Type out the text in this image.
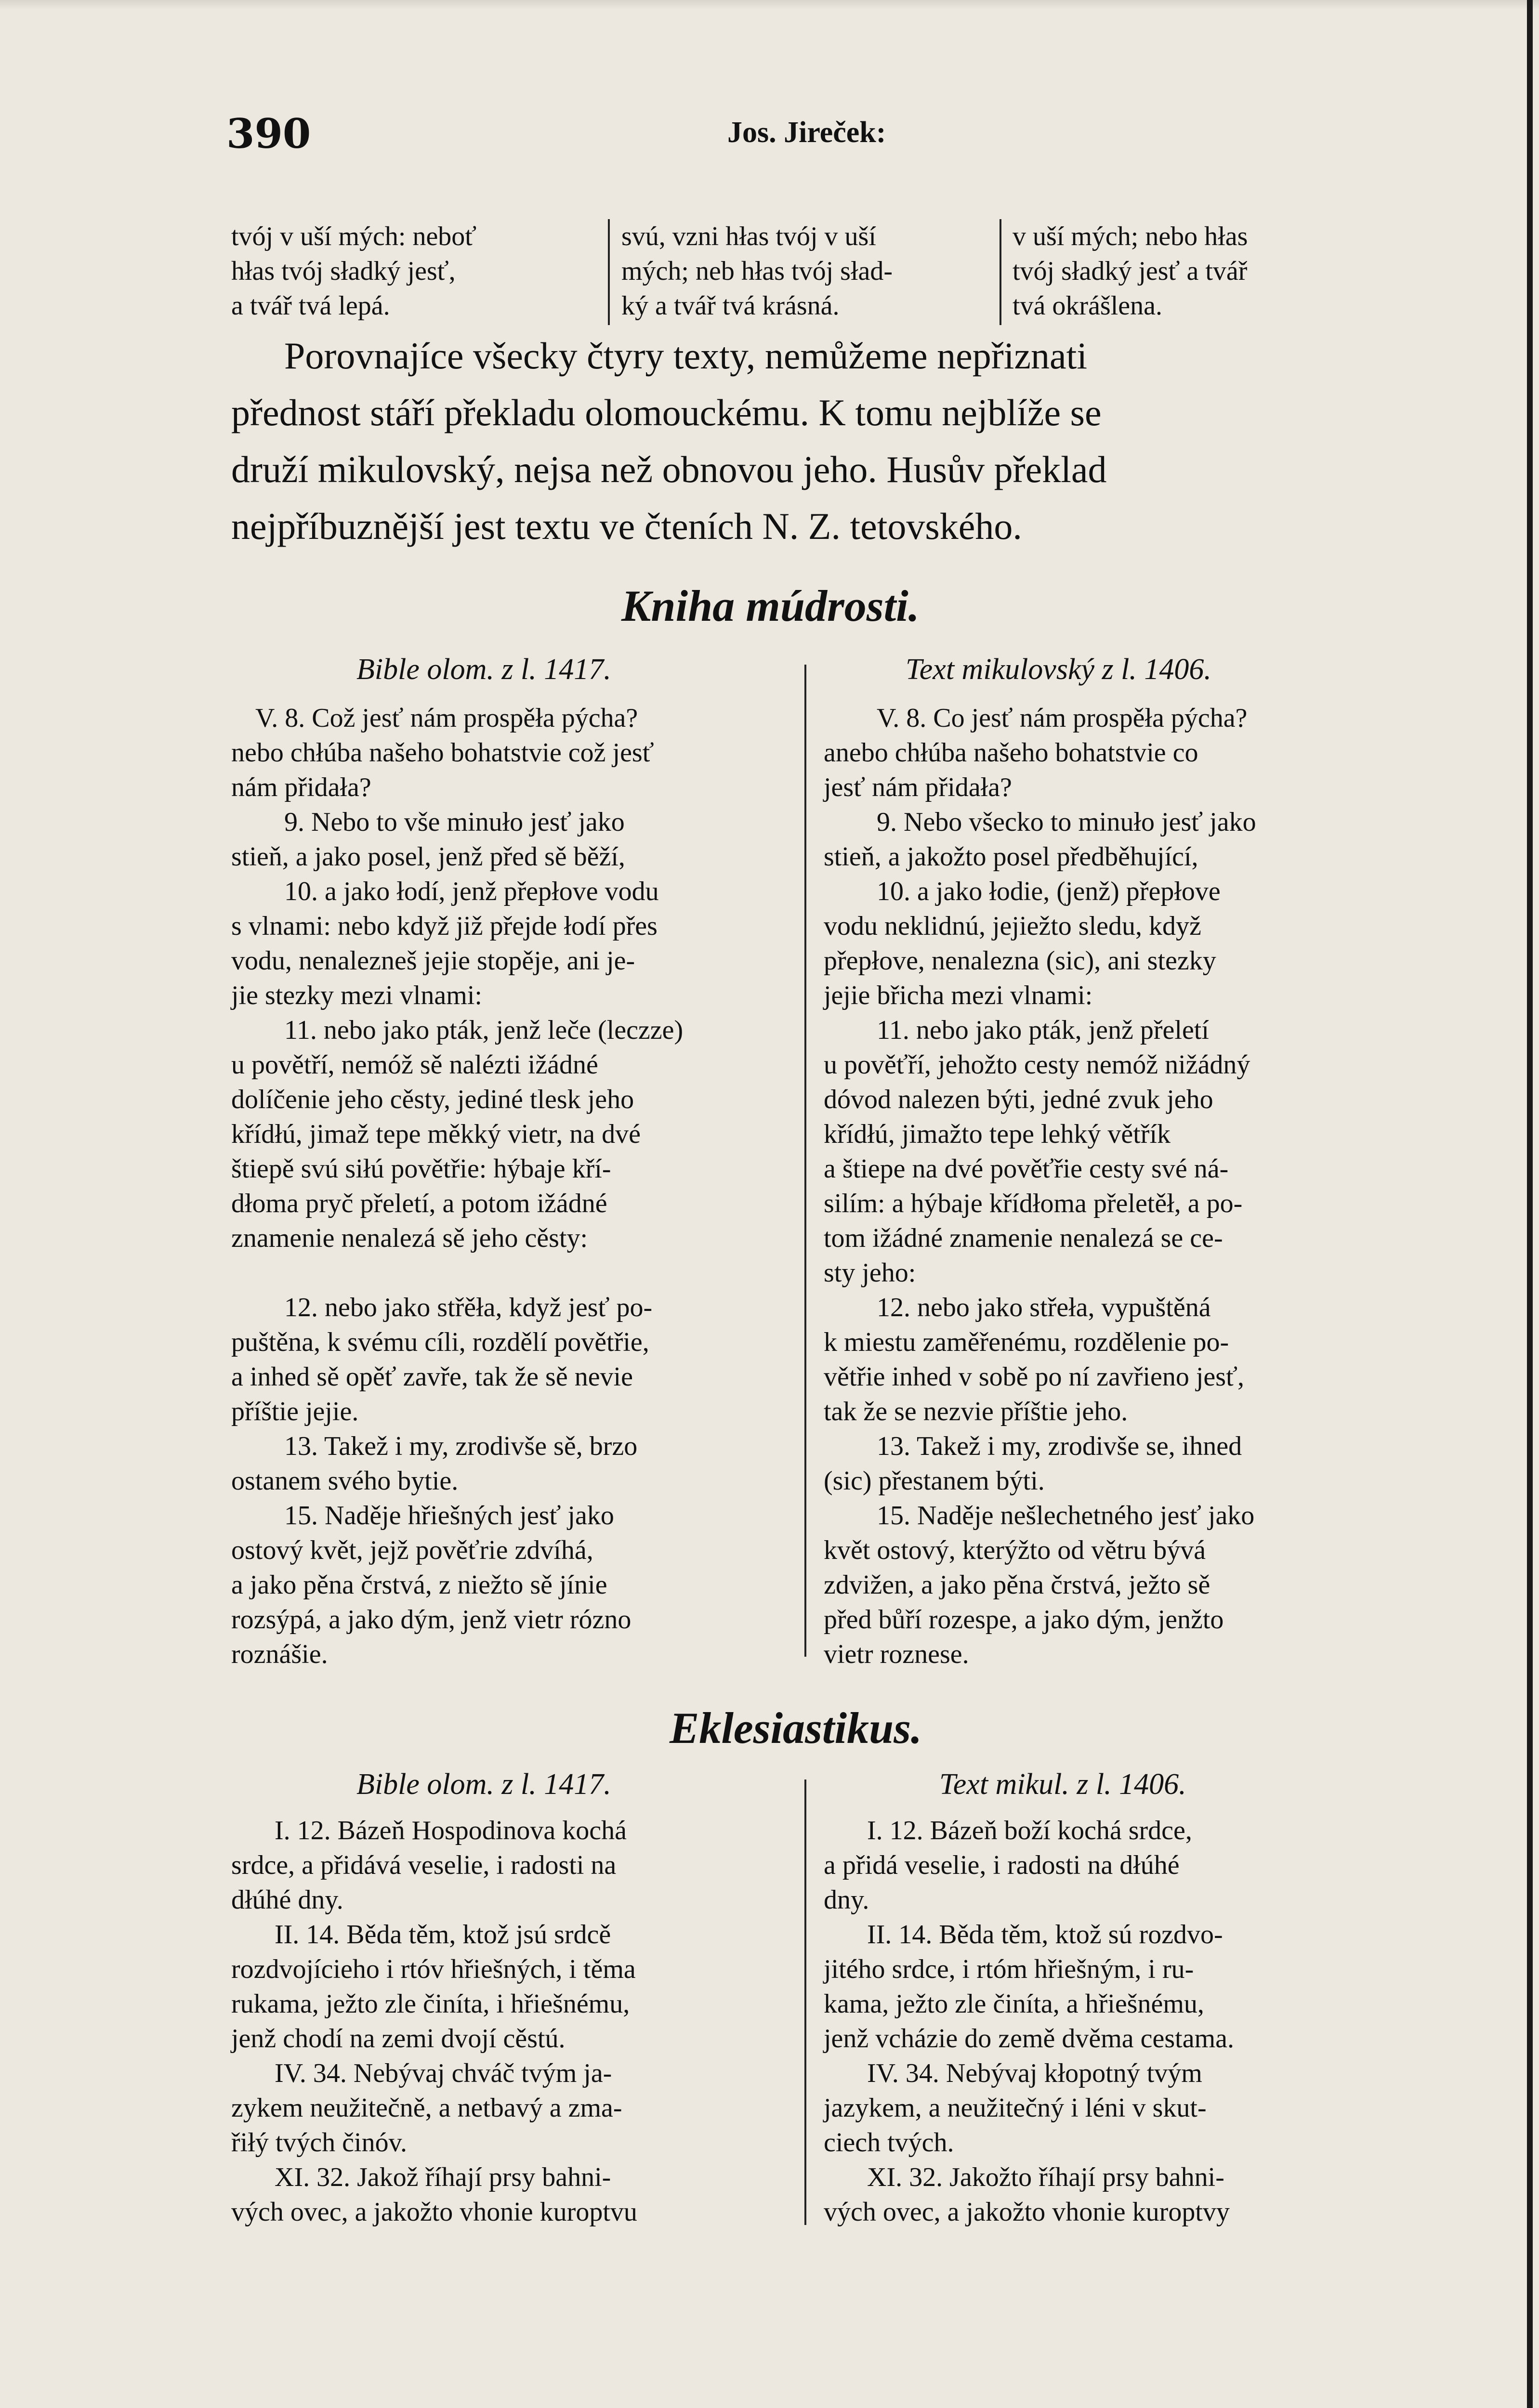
390	Jos. Jireček:

tvój v uší mých: neboť

hłas tvój sładký jesť,

a tvář tvá lepá.

svú, vzni hłas tvój v uší

mých; neb hłas tvój sład-

ký a tvář tvá krásná.

v uší mých; nebo hłas

tvój sładký jesť a tvář

tvá okrášlena.

Porovnajíce všecky čtyry texty, nemůžeme nepřiznati

přednost stáří překladu olomouckému. K tomu nejblíže se

druží mikulovský, nejsa než obnovou jeho. Husův překlad

nejpříbuznější jest textu ve čteních N. Z. tetovského.

Kniha múdrosti.
Bible olom. z l. 1417.	Text mikulovský z l. 1406.

V. 8. Což jesť nám prospěła pýcha?

nebo chłúba našeho bohatstvie což jesť

nám přidała?

9. Nebo to vše minuło jesť jako

stieň, a jako posel, jenž před sě běží,

10. a jako łodí, jenž přepłove vodu

s vlnami: nebo když již přejde łodí přes

vodu, nenalezneš jejie stopěje, ani je-

jie stezky mezi vlnami:

11. nebo jako pták, jenž leče (leczze)

u povětří, nemóž sě nalézti ižádné

dolíčenie jeho cěsty, jediné tlesk jeho

křídłú, jimaž tepe měkký vietr, na dvé

štiepě svú siłú povětřie: hýbaje kří-

dłoma pryč přeletí, a potom ižádné

znamenie nenalezá sě jeho cěsty:

12. nebo jako střěła, když jesť po-

puštěna, k svému cíli, rozdělí povětřie,

a inhed sě opěť zavře, tak že sě nevie

příštie jejie.

13. Takež i my, zrodivše sě, brzo

ostanem svého bytie.

15. Naděje hřiešných jesť jako

ostový květ, jejž pověťrie zdvíhá,

a jako pěna črstvá, z niežto sě jínie

rozsýpá, a jako dým, jenž vietr rózno

roznášie.

V. 8. Co jesť nám prospěła pýcha?

anebo chłúba našeho bohatstvie co

jesť nám přidała?

9. Nebo všecko to minuło jesť jako

stieň, a jakožto posel předběhující,

10. a jako łodie, (jenž) přepłove

vodu neklidnú, jejiežto sledu, když

přepłove, nenalezna (sic), ani stezky

jejie břicha mezi vlnami:

11. nebo jako pták, jenž přeletí

u pověťří, jehožto cesty nemóž nižádný

dóvod nalezen býti, jedné zvuk jeho

křídłú, jimažto tepe lehký větřík

a štiepe na dvé pověťřie cesty své ná-

silím: a hýbaje křídłoma přeletěł, a po-

tom ižádné znamenie nenalezá se ce-

sty jeho:

12. nebo jako střeła, vypuštěná

k miestu zaměřenému, rozdělenie po-

větřie inhed v sobě po ní zavřieno jesť,

tak že se nezvie příštie jeho.

13. Takež i my, zrodivše se, ihned

(sic) přestanem býti.

15. Naděje nešlechetného jesť jako

květ ostový, kterýžto od větru bývá

zdvižen, a jako pěna črstvá, ježto sě

před bůří rozespe, a jako dým, jenžto

vietr roznese.

Eklesiastikus.
Bible olom. z l. 1417.	Text mikul. z l. 1406.

I. 12. Bázeň Hospodinova kochá

srdce, a přidává veselie, i radosti na

dłúhé dny.

II. 14. Běda těm, ktož jsú srdcě

rozdvojícieho i rtóv hřiešných, i těma

rukama, ježto zle činíta, i hřiešnému,

jenž chodí na zemi dvojí cěstú.

IV. 34. Nebývaj chváč tvým ja-

zykem neužitečně, a netbavý a zma-

řiłý tvých činóv.

XI. 32. Jakož říhají prsy bahni-

vých ovec, a jakožto vhonie kuroptvu

I. 12. Bázeň boží kochá srdce,

a přidá veselie, i radosti na dłúhé

dny.

II. 14. Běda těm, ktož sú rozdvo-

jitého srdce, i rtóm hřiešným, i ru-

kama, ježto zle činíta, a hřiešnému,

jenž vcházie do země dvěma cestama.

IV. 34. Nebývaj kłopotný tvým

jazykem, a neužitečný i lénі v skut-

ciech tvých.

XI. 32. Jakožto říhají prsy bahni-

vých ovec, a jakožto vhonie kuroptvy
